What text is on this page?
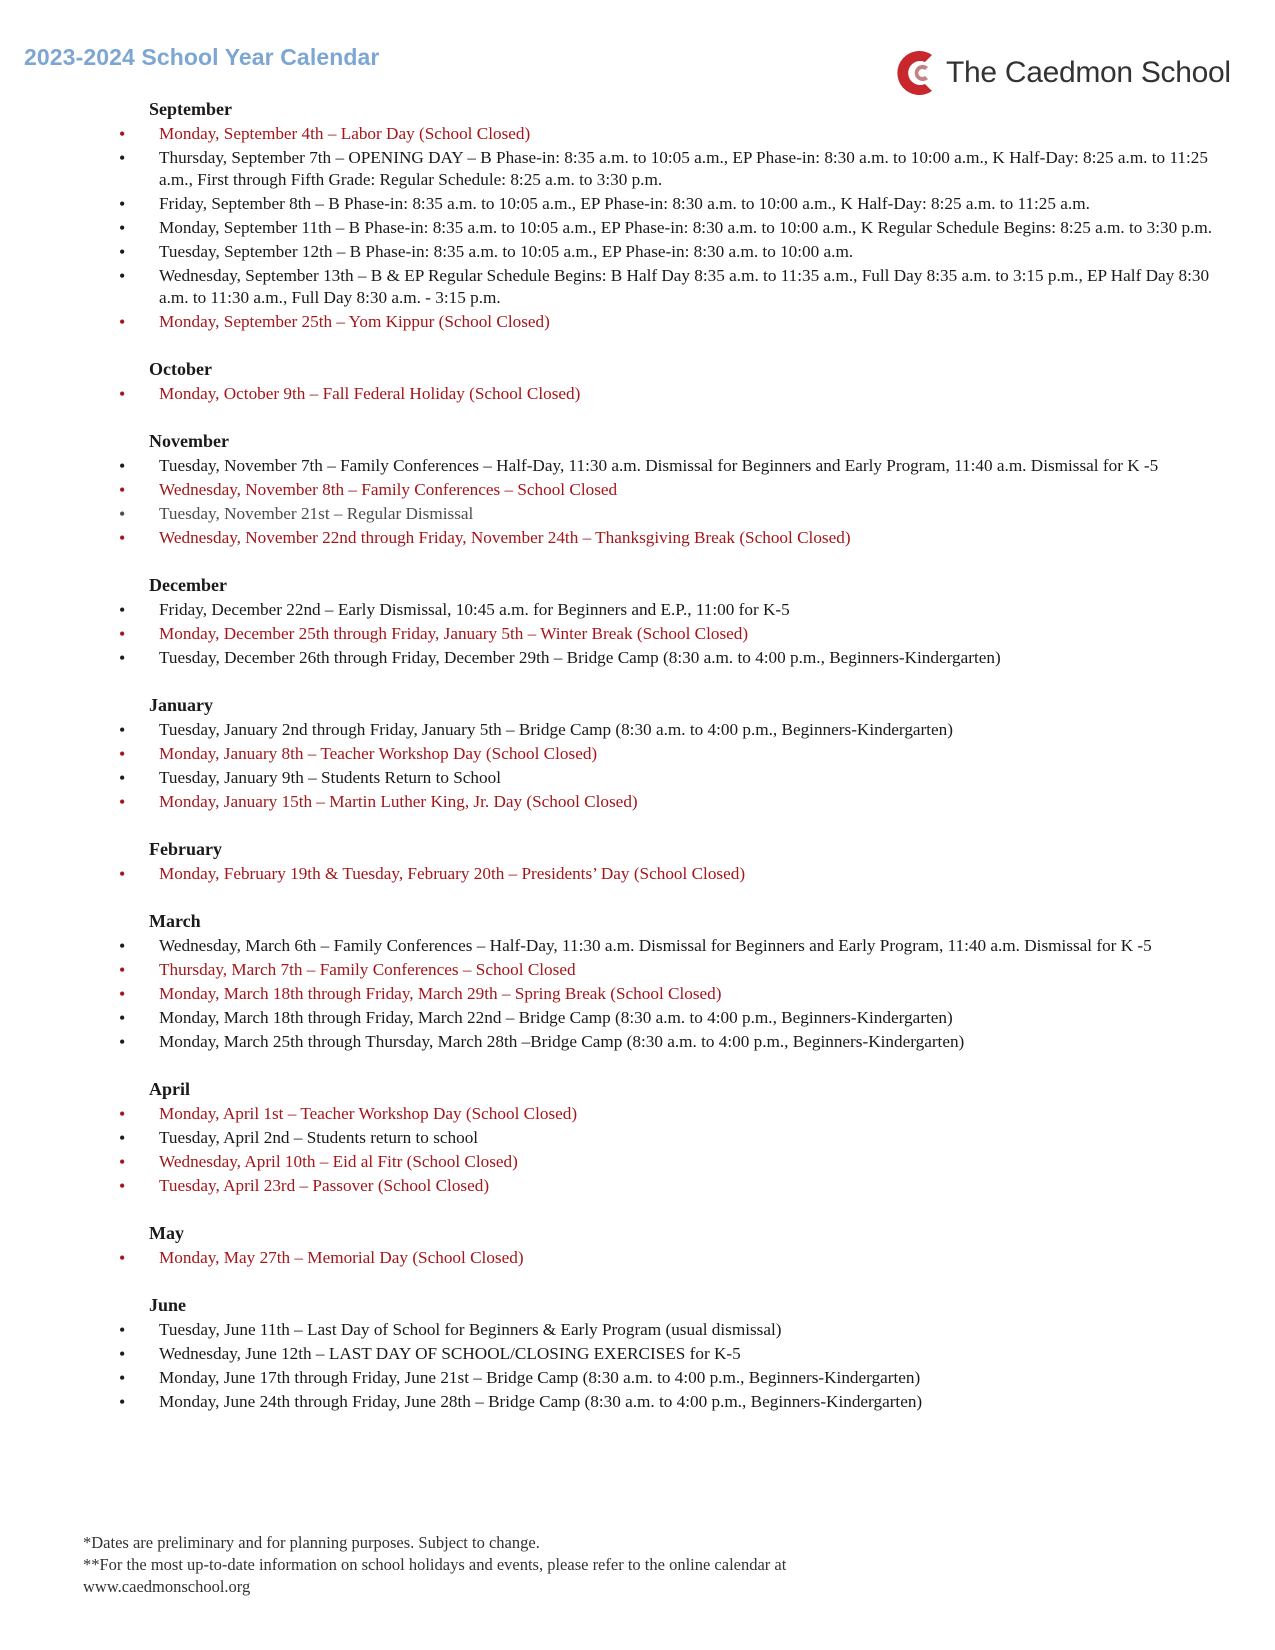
2023-2024 School Year Calendar	The Caedmon School
September
• Monday, September 4th – Labor Day (School Closed)
• Thursday, September 7th – OPENING DAY – B Phase-in: 8:35 a.m. to 10:05 a.m., EP Phase-in: 8:30 a.m. to 10:00 a.m., K Half-Day: 8:25 a.m. to 11:25 a.m., First through Fifth Grade: Regular Schedule: 8:25 a.m. to 3:30 p.m.
• Friday, September 8th – B Phase-in: 8:35 a.m. to 10:05 a.m., EP Phase-in: 8:30 a.m. to 10:00 a.m., K Half-Day: 8:25 a.m. to 11:25 a.m.
• Monday, September 11th – B Phase-in: 8:35 a.m. to 10:05 a.m., EP Phase-in: 8:30 a.m. to 10:00 a.m., K Regular Schedule Begins: 8:25 a.m. to 3:30 p.m.
• Tuesday, September 12th – B Phase-in: 8:35 a.m. to 10:05 a.m., EP Phase-in: 8:30 a.m. to 10:00 a.m.
• Wednesday, September 13th – B & EP Regular Schedule Begins: B Half Day 8:35 a.m. to 11:35 a.m., Full Day 8:35 a.m. to 3:15 p.m., EP Half Day 8:30 a.m. to 11:30 a.m., Full Day 8:30 a.m. - 3:15 p.m.
• Monday, September 25th – Yom Kippur (School Closed)
October
• Monday, October 9th – Fall Federal Holiday (School Closed)
November
• Tuesday, November 7th – Family Conferences – Half-Day, 11:30 a.m. Dismissal for Beginners and Early Program, 11:40 a.m. Dismissal for K -5
• Wednesday, November 8th – Family Conferences – School Closed
• Tuesday, November 21st – Regular Dismissal
• Wednesday, November 22nd through Friday, November 24th – Thanksgiving Break (School Closed)
December
• Friday, December 22nd – Early Dismissal, 10:45 a.m. for Beginners and E.P., 11:00 for K-5
• Monday, December 25th through Friday, January 5th – Winter Break (School Closed)
• Tuesday, December 26th through Friday, December 29th – Bridge Camp (8:30 a.m. to 4:00 p.m., Beginners-Kindergarten)
January
• Tuesday, January 2nd through Friday, January 5th – Bridge Camp (8:30 a.m. to 4:00 p.m., Beginners-Kindergarten)
• Monday, January 8th – Teacher Workshop Day (School Closed)
• Tuesday, January 9th – Students Return to School
• Monday, January 15th – Martin Luther King, Jr. Day (School Closed)
February
• Monday, February 19th & Tuesday, February 20th – Presidents’ Day (School Closed)
March
• Wednesday, March 6th – Family Conferences – Half-Day, 11:30 a.m. Dismissal for Beginners and Early Program, 11:40 a.m. Dismissal for K -5
• Thursday, March 7th – Family Conferences – School Closed
• Monday, March 18th through Friday, March 29th – Spring Break (School Closed)
• Monday, March 18th through Friday, March 22nd – Bridge Camp (8:30 a.m. to 4:00 p.m., Beginners-Kindergarten)
• Monday, March 25th through Thursday, March 28th –Bridge Camp (8:30 a.m. to 4:00 p.m., Beginners-Kindergarten)
April
• Monday, April 1st – Teacher Workshop Day (School Closed)
• Tuesday, April 2nd – Students return to school
• Wednesday, April 10th – Eid al Fitr (School Closed)
• Tuesday, April 23rd – Passover (School Closed)
May
• Monday, May 27th – Memorial Day (School Closed)
June
• Tuesday, June 11th – Last Day of School for Beginners & Early Program (usual dismissal)
• Wednesday, June 12th – LAST DAY OF SCHOOL/CLOSING EXERCISES for K-5
• Monday, June 17th through Friday, June 21st – Bridge Camp (8:30 a.m. to 4:00 p.m., Beginners-Kindergarten)
• Monday, June 24th through Friday, June 28th – Bridge Camp (8:30 a.m. to 4:00 p.m., Beginners-Kindergarten)
*Dates are preliminary and for planning purposes. Subject to change.
**For the most up-to-date information on school holidays and events, please refer to the online calendar at
www.caedmonschool.org
